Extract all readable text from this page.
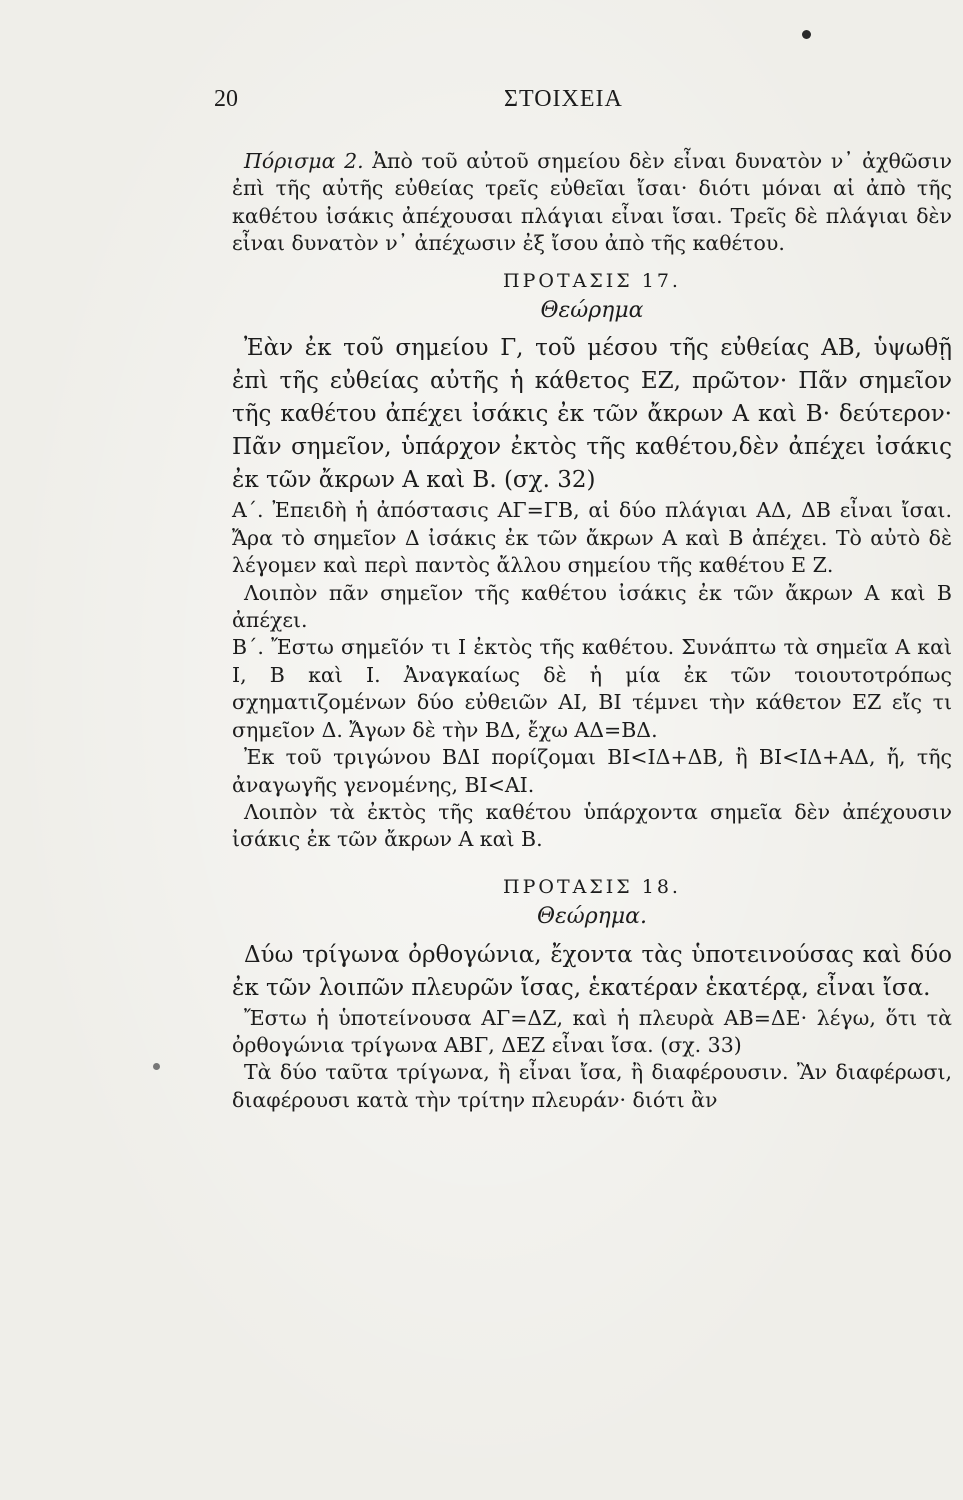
20	ΣΤΟΙΧΕΙΑ

Πόρισμα 2. Ἀπὸ τοῦ αὐτοῦ σημείου δὲν εἶναι δυνατὸν ν᾽ ἀχθῶσιν ἐπὶ τῆς αὐτῆς εὐθείας τρεῖς εὐθεῖαι ἴσαι· διότι μόναι αἱ ἀπὸ τῆς καθέτου ἰσάκις ἀπέχουσαι πλάγιαι εἶναι ἴσαι. Τρεῖς δὲ πλάγιαι δὲν εἶναι δυνατὸν ν᾽ ἀπέχωσιν ἐξ ἴσου ἀπὸ τῆς καθέτου.

ΠΡΟΤΑΣΙΣ 17.
Θεώρημα

Ἐὰν ἐκ τοῦ σημείου Γ, τοῦ μέσου τῆς εὐθείας ΑΒ, ὑψωθῇ ἐπὶ τῆς εὐθείας αὐτῆς ἡ κάθετος ΕΖ, πρῶτον· Πᾶν σημεῖον τῆς καθέτου ἀπέχει ἰσάκις ἐκ τῶν ἄκρων Α καὶ Β· δεύτερον· Πᾶν σημεῖον, ὑπάρχον ἐκτὸς τῆς καθέτου,δὲν ἀπέχει ἰσάκις ἐκ τῶν ἄκρων Α καὶ Β. (σχ. 32)

Α΄. Ἐπειδὴ ἡ ἀπόστασις ΑΓ=ΓΒ, αἱ δύο πλάγιαι ΑΔ, ΔΒ εἶναι ἴσαι. Ἄρα τὸ σημεῖον Δ ἰσάκις ἐκ τῶν ἄκρων Α καὶ Β ἀπέχει. Τὸ αὐτὸ δὲ λέγομεν καὶ περὶ παντὸς ἄλλου σημείου τῆς καθέτου Ε Ζ.

Λοιπὸν πᾶν σημεῖον τῆς καθέτου ἰσάκις ἐκ τῶν ἄκρων Α καὶ Β ἀπέχει.

Β΄. Ἔστω σημεῖόν τι Ι ἐκτὸς τῆς καθέτου. Συνάπτω τὰ σημεῖα Α καὶ Ι, Β καὶ Ι. Ἀναγκαίως δὲ ἡ μία ἐκ τῶν τοιουτοτρόπως σχηματιζομένων δύο εὐθειῶν ΑΙ, ΒΙ τέμνει τὴν κάθετον ΕΖ εἴς τι σημεῖον Δ. Ἄγων δὲ τὴν ΒΔ, ἔχω ΑΔ=ΒΔ.

Ἐκ τοῦ τριγώνου ΒΔΙ πορίζομαι ΒΙ<ΙΔ+ΔΒ, ἢ ΒΙ<ΙΔ+ΑΔ, ἤ, τῆς ἀναγωγῆς γενομένης, ΒΙ<ΑΙ.

Λοιπὸν τὰ ἐκτὸς τῆς καθέτου ὑπάρχοντα σημεῖα δὲν ἀπέχουσιν ἰσάκις ἐκ τῶν ἄκρων Α καὶ Β.

ΠΡΟΤΑΣΙΣ 18.
Θεώρημα.

Δύω τρίγωνα ὀρθογώνια, ἔχοντα τὰς ὑποτεινούσας καὶ δύο ἐκ τῶν λοιπῶν πλευρῶν ἴσας, ἑκατέραν ἑκατέρᾳ, εἶναι ἴσα.

Ἔστω ἡ ὑποτείνουσα ΑΓ=ΔΖ, καὶ ἡ πλευρὰ ΑΒ=ΔΕ· λέγω, ὅτι τὰ ὀρθογώνια τρίγωνα ΑΒΓ, ΔΕΖ εἶναι ἴσα. (σχ. 33)

Τὰ δύο ταῦτα τρίγωνα, ἢ εἶναι ἴσα, ἢ διαφέρουσιν. Ἂν διαφέρωσι, διαφέρουσι κατὰ τὴν τρίτην πλευράν· διότι ἂν
